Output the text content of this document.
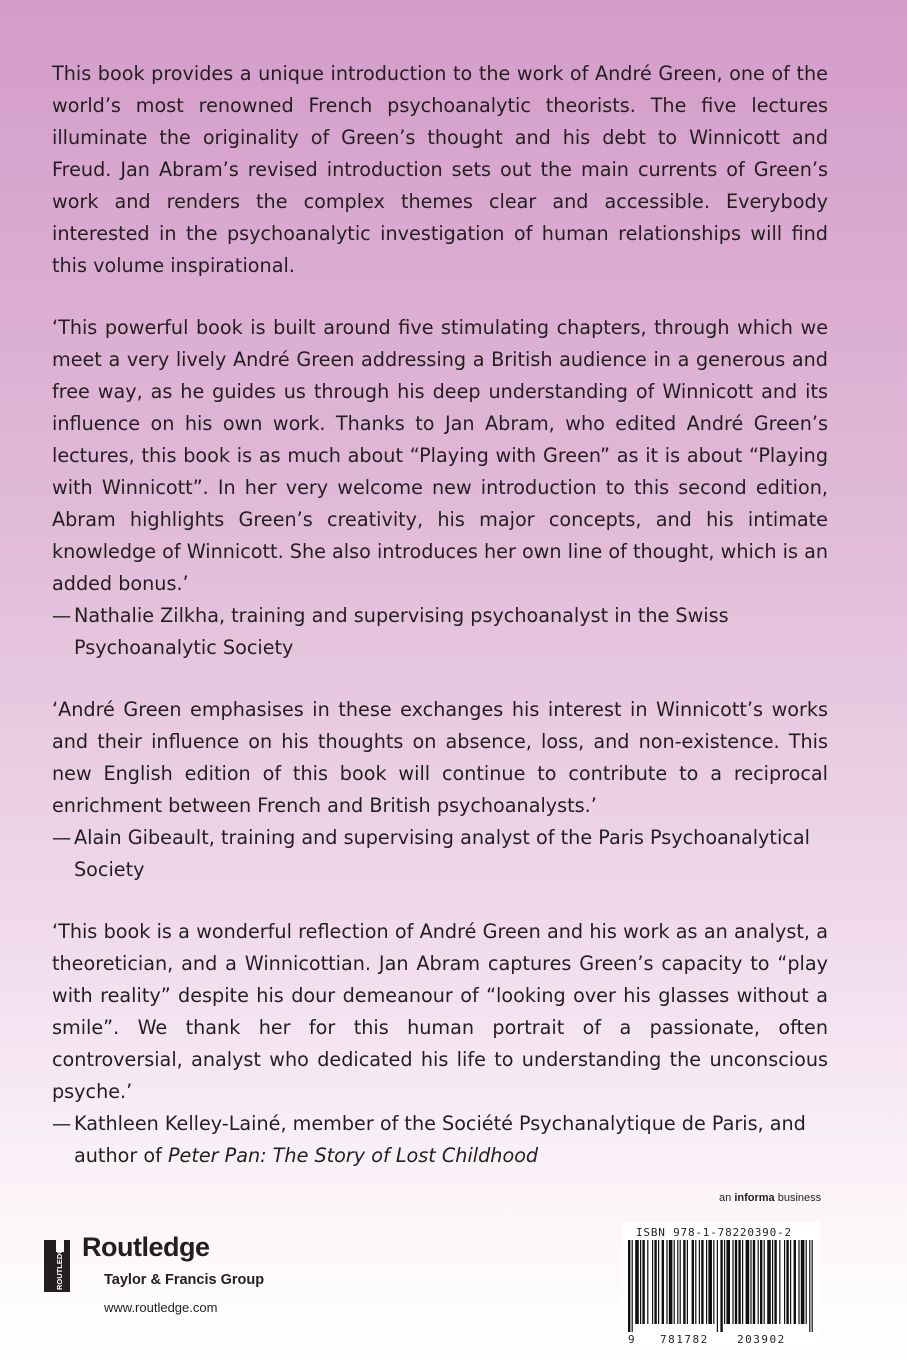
This book provides a unique introduction to the work of André Green, one of the world’s most renowned French psychoanalytic theorists. The five lectures illuminate the originality of Green’s thought and his debt to Winnicott and Freud. Jan Abram’s revised introduction sets out the main currents of Green’s work and renders the complex themes clear and accessible. Everybody interested in the psychoanalytic investigation of human relationships will find this volume inspirational.

‘This powerful book is built around five stimulating chapters, through which we meet a very lively André Green addressing a British audience in a generous and free way, as he guides us through his deep understanding of Winnicott and its influence on his own work. Thanks to Jan Abram, who edited André Green’s lectures, this book is as much about “Playing with Green” as it is about “Playing with Winnicott”. In her very welcome new introduction to this second edition, Abram highlights Green’s creativity, his major concepts, and his intimate knowledge of Winnicott. She also introduces her own line of thought, which is an added bonus.’

— Nathalie Zilkha, training and supervising psychoanalyst in the Swiss Psychoanalytic Society

‘André Green emphasises in these exchanges his interest in Winnicott’s works and their influence on his thoughts on absence, loss, and non-existence. This new English edition of this book will continue to contribute to a reciprocal enrichment between French and British psychoanalysts.’

— Alain Gibeault, training and supervising analyst of the Paris Psychoanalytical Society

‘This book is a wonderful reflection of André Green and his work as an analyst, a theoretician, and a Winnicottian. Jan Abram captures Green’s capacity to “play with reality” despite his dour demeanour of “looking over his glasses without a smile”. We thank her for this human portrait of a passionate, often controversial, analyst who dedicated his life to understanding the unconscious psyche.’

— Kathleen Kelley-Lainé, member of the Société Psychanalytique de Paris, and author of Peter Pan: The Story of Lost Childhood

an informa business
ROUTLEDGE Routledge
Taylor & Francis Group
www.routledge.com
ISBN 978-1-78220390-2
9 781782	203902
